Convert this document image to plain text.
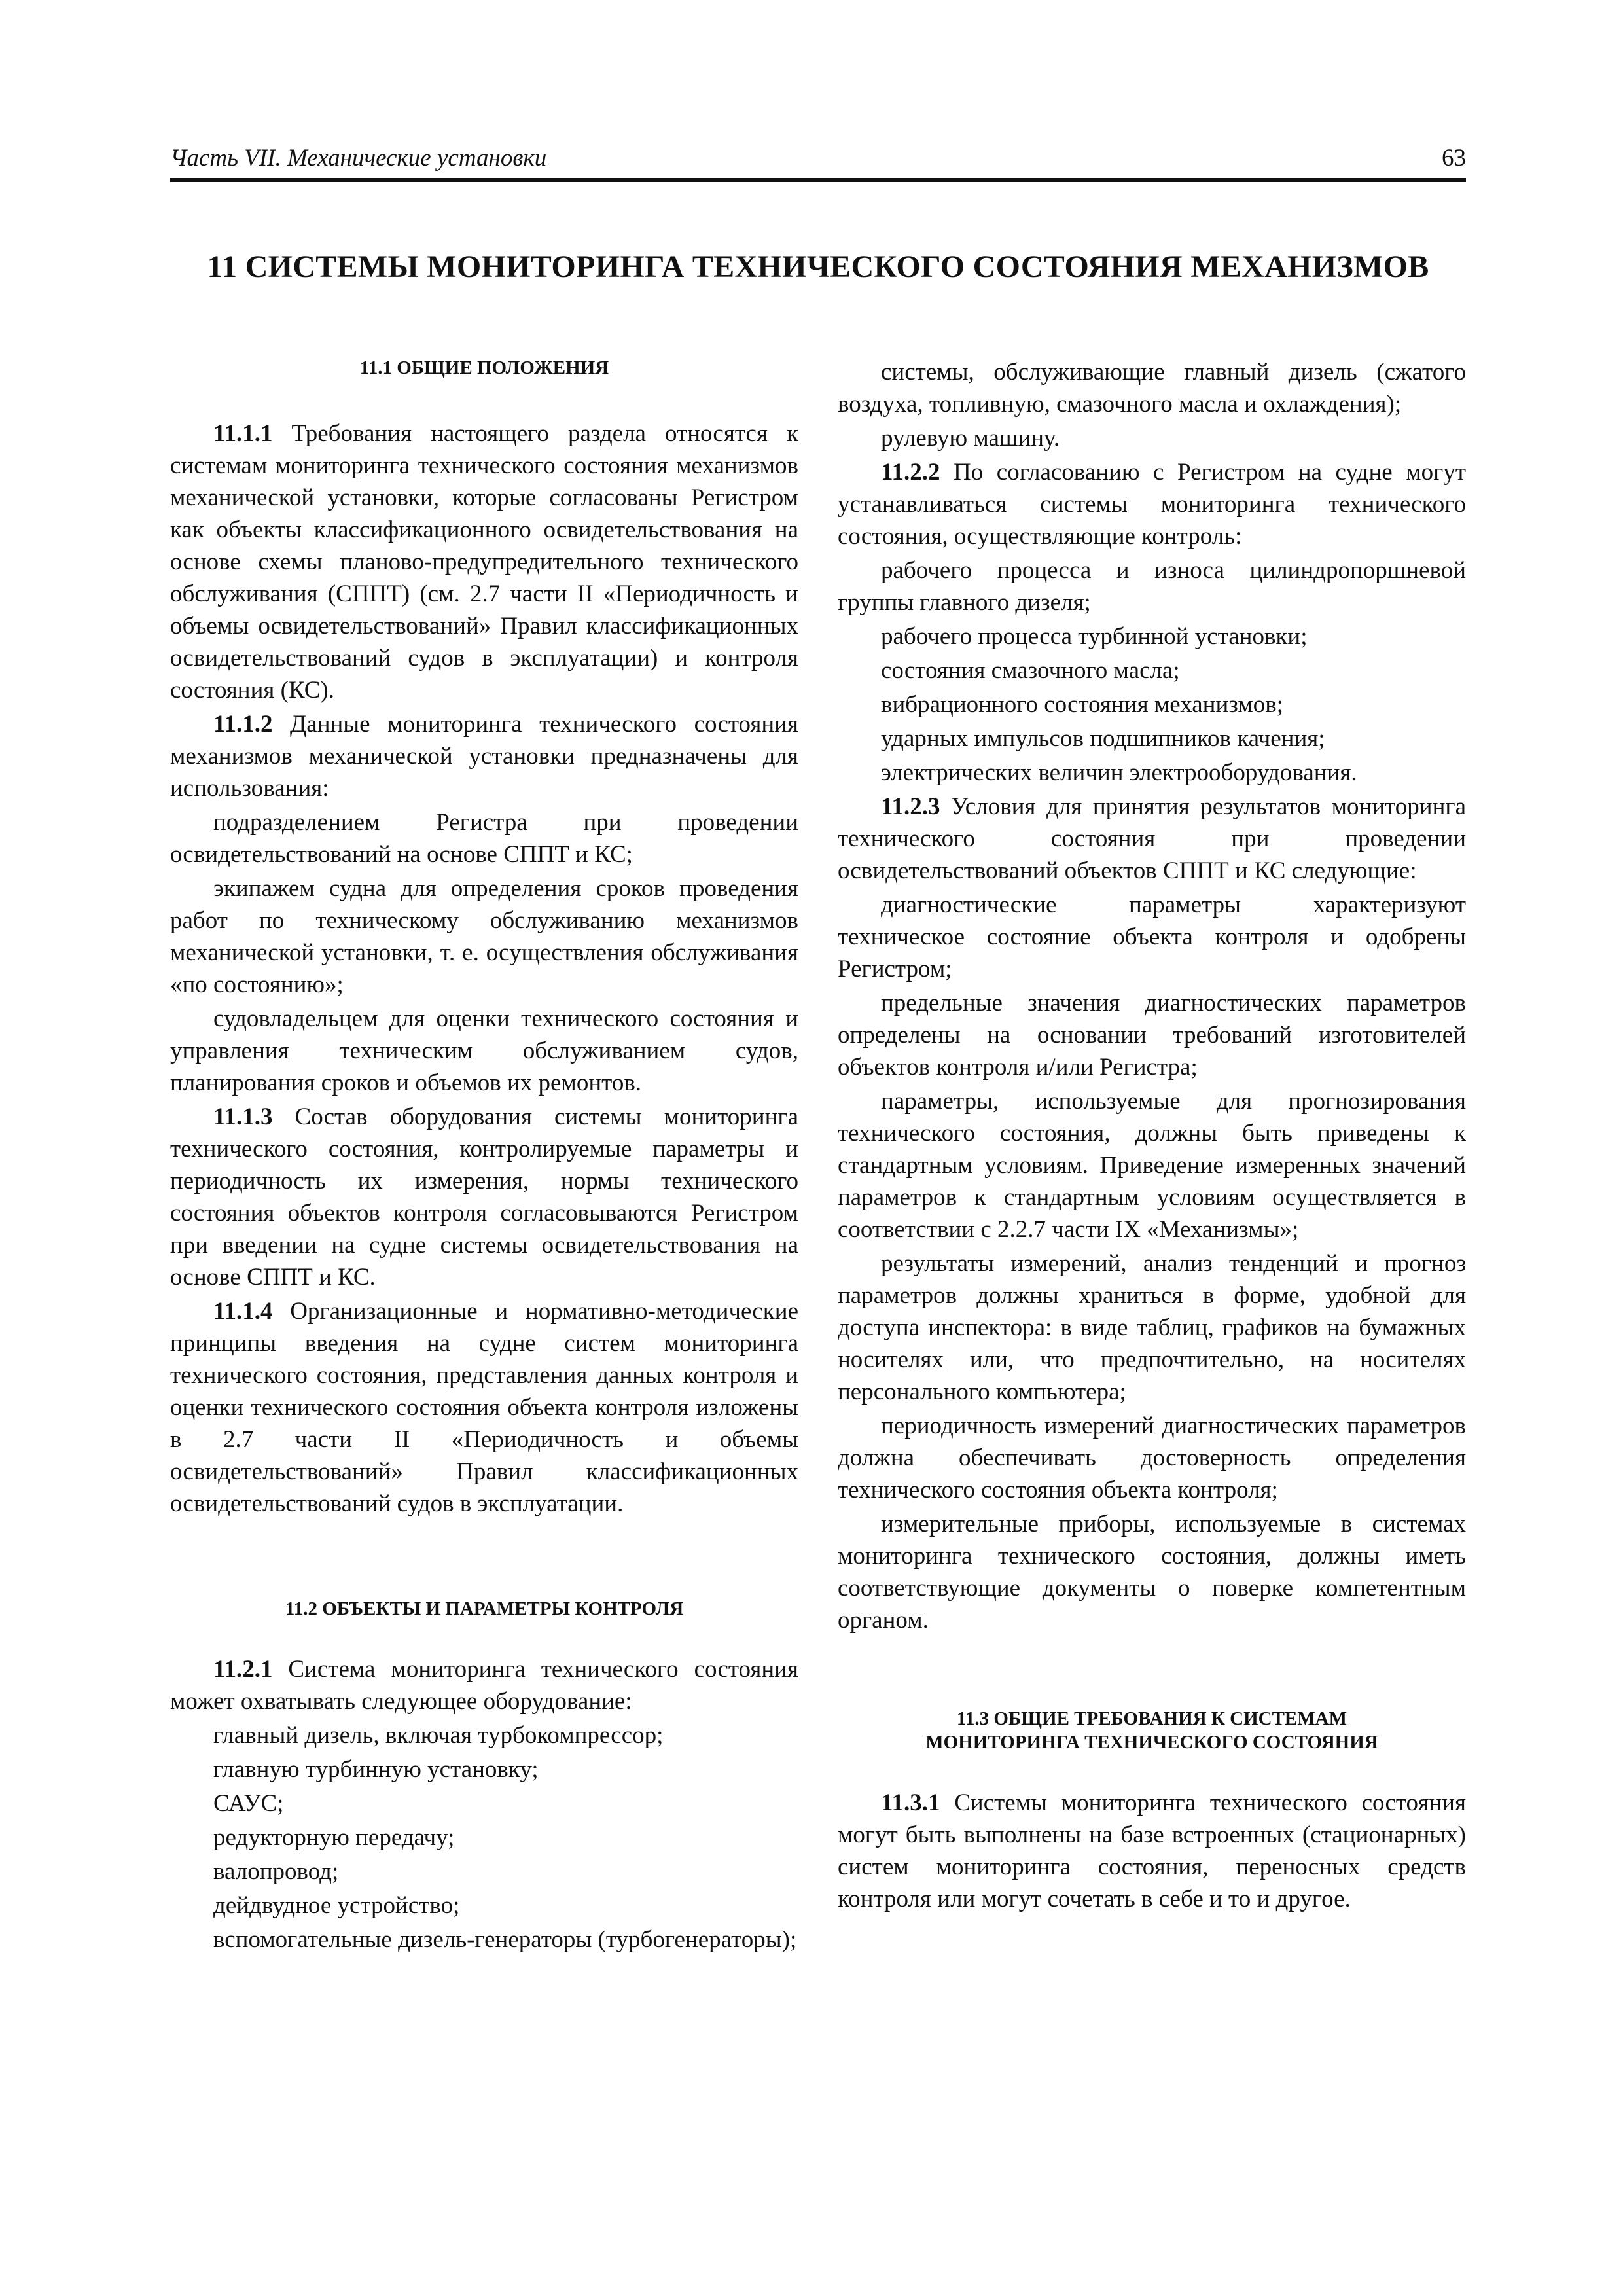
Часть VII. Механические установки	63
11 СИСТЕМЫ МОНИТОРИНГА ТЕХНИЧЕСКОГО СОСТОЯНИЯ МЕХАНИЗМОВ

11.1 ОБЩИЕ ПОЛОЖЕНИЯ

11.1.1 Требования настоящего раздела относятся к системам мониторинга технического состояния механизмов механической установки, которые согласованы Регистром как объекты классификационного освидетельствования на основе схемы планово-предупредительного технического обслуживания (СППТ) (см. 2.7 части II «Периодичность и объемы освидетельствований» Правил классификационных освидетельствований судов в эксплуатации) и контроля состояния (КС).

11.1.2 Данные мониторинга технического состояния механизмов механической установки предназначены для использования:

подразделением Регистра при проведении освидетельствований на основе СППТ и КС;

экипажем судна для определения сроков проведения работ по техническому обслуживанию механизмов механической установки, т. е. осуществления обслуживания «по состоянию»;

судовладельцем для оценки технического состояния и управления техническим обслуживанием судов, планирования сроков и объемов их ремонтов.

11.1.3 Состав оборудования системы мониторинга технического состояния, контролируемые параметры и периодичность их измерения, нормы технического состояния объектов контроля согласовываются Регистром при введении на судне системы освидетельствования на основе СППТ и КС.

11.1.4 Организационные и нормативно-методические принципы введения на судне систем мониторинга технического состояния, представления данных контроля и оценки технического состояния объекта контроля изложены в 2.7 части II «Периодичность и объемы освидетельствований» Правил классификационных освидетельствований судов в эксплуатации.

11.2 ОБЪЕКТЫ И ПАРАМЕТРЫ КОНТРОЛЯ

11.2.1 Система мониторинга технического состояния может охватывать следующее оборудование:

главный дизель, включая турбокомпрессор;

главную турбинную установку;

САУС;

редукторную передачу;

валопровод;

дейдвудное устройство;

вспомогательные дизель-генераторы (турбогенераторы);

системы, обслуживающие главный дизель (сжатого воздуха, топливную, смазочного масла и охлаждения);

рулевую машину.

11.2.2 По согласованию с Регистром на судне могут устанавливаться системы мониторинга технического состояния, осуществляющие контроль:

рабочего процесса и износа цилиндропоршневой группы главного дизеля;

рабочего процесса турбинной установки;

состояния смазочного масла;

вибрационного состояния механизмов;

ударных импульсов подшипников качения;

электрических величин электрооборудования.

11.2.3 Условия для принятия результатов мониторинга технического состояния при проведении освидетельствований объектов СППТ и КС следующие:

диагностические параметры характеризуют техническое состояние объекта контроля и одобрены Регистром;

предельные значения диагностических параметров определены на основании требований изготовителей объектов контроля и/или Регистра;

параметры, используемые для прогнозирования технического состояния, должны быть приведены к стандартным условиям. Приведение измеренных значений параметров к стандартным условиям осуществляется в соответствии с 2.2.7 части IX «Механизмы»;

результаты измерений, анализ тенденций и прогноз параметров должны храниться в форме, удобной для доступа инспектора: в виде таблиц, графиков на бумажных носителях или, что предпочтительно, на носителях персонального компьютера;

периодичность измерений диагностических параметров должна обеспечивать достоверность определения технического состояния объекта контроля;

измерительные приборы, используемые в системах мониторинга технического состояния, должны иметь соответствующие документы о поверке компетентным органом.

11.3 ОБЩИЕ ТРЕБОВАНИЯ К СИСТЕМАМ
МОНИТОРИНГА ТЕХНИЧЕСКОГО СОСТОЯНИЯ

11.3.1 Системы мониторинга технического состояния могут быть выполнены на базе встроенных (стационарных) систем мониторинга состояния, переносных средств контроля или могут сочетать в себе и то и другое.
